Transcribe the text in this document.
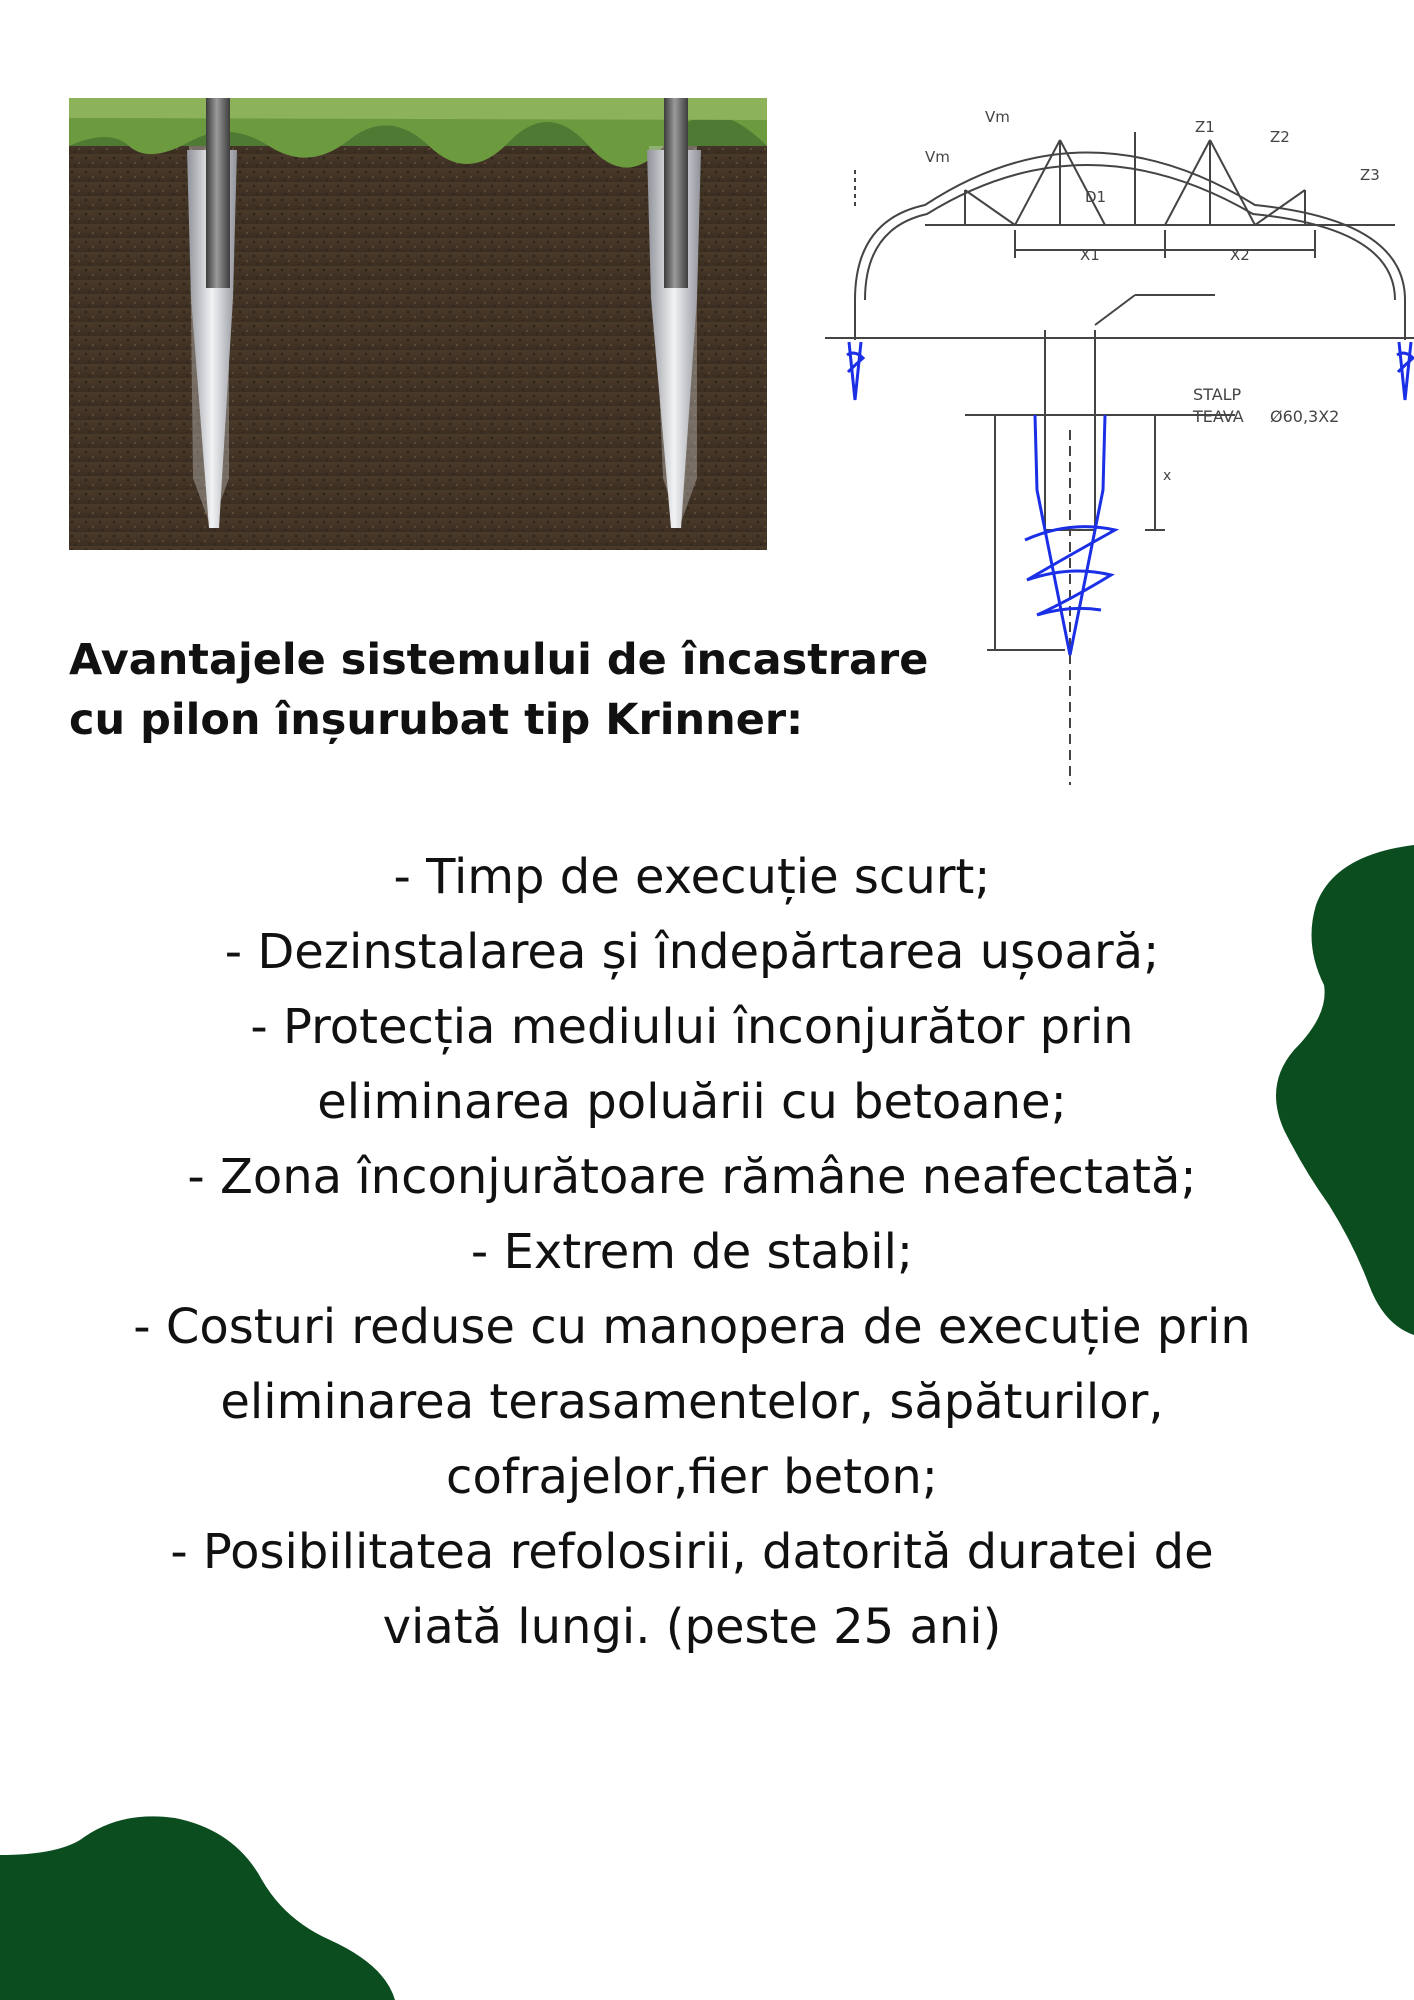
Vm
Vm
Z1
Z2
Z3
D1
X1	X2
STALP
TEAVA Ø60,3X2
x
Avantajele sistemului de încastrare
cu pilon înșurubat tip Krinner:
- Timp de execuție scurt;
- Dezinstalarea și îndepărtarea ușoară;
- Protecția mediului înconjurător prin
eliminarea poluării cu betoane;
- Zona înconjurătoare rămâne neafectată;
- Extrem de stabil;
- Costuri reduse cu manopera de execuție prin
eliminarea terasamentelor, săpăturilor,
cofrajelor,fier beton;
- Posibilitatea refolosirii, datorită duratei de
viată lungi. (peste 25 ani)
